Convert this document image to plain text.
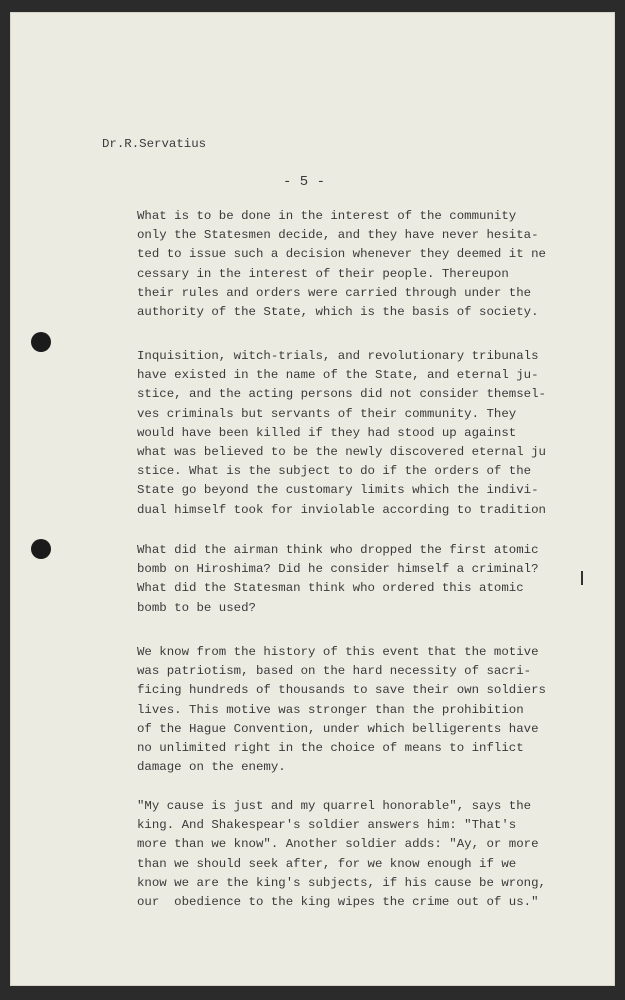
Dr.R.Servatius
- 5 -
What is to be done in the interest of the community
only the Statesmen decide, and they have never hesita-
ted to issue such a decision whenever they deemed it ne
cessary in the interest of their people. Thereupon
their rules and orders were carried through under the
authority of the State, which is the basis of society.
Inquisition, witch-trials, and revolutionary tribunals
have existed in the name of the State, and eternal ju-
stice, and the acting persons did not consider themsel-
ves criminals but servants of their community. They
would have been killed if they had stood up against
what was believed to be the newly discovered eternal ju
stice. What is the subject to do if the orders of the
State go beyond the customary limits which the indivi-
dual himself took for inviolable according to tradition
What did the airman think who dropped the first atomic
bomb on Hiroshima? Did he consider himself a criminal?
What did the Statesman think who ordered this atomic
bomb to be used?
We know from the history of this event that the motive
was patriotism, based on the hard necessity of sacri-
ficing hundreds of thousands to save their own soldiers
lives. This motive was stronger than the prohibition
of the Hague Convention, under which belligerents have
no unlimited right in the choice of means to inflict
damage on the enemy.
"My cause is just and my quarrel honorable", says the
king. And Shakespear's soldier answers him: "That's
more than we know". Another soldier adds: "Ay, or more
than we should seek after, for we know enough if we
know we are the king's subjects, if his cause be wrong,
our  obedience to the king wipes the crime out of us."
